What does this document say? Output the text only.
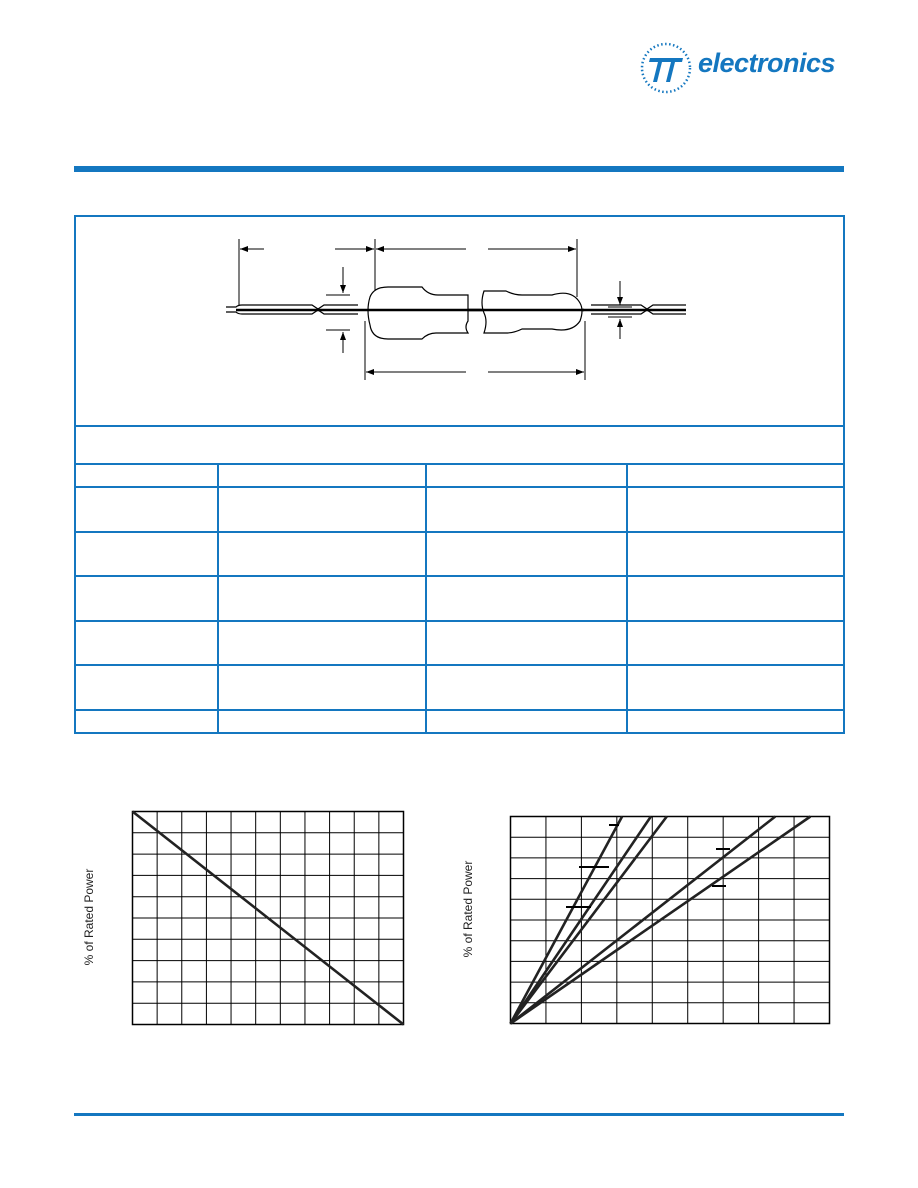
electronics

% of Rated Power	% of Rated Power
